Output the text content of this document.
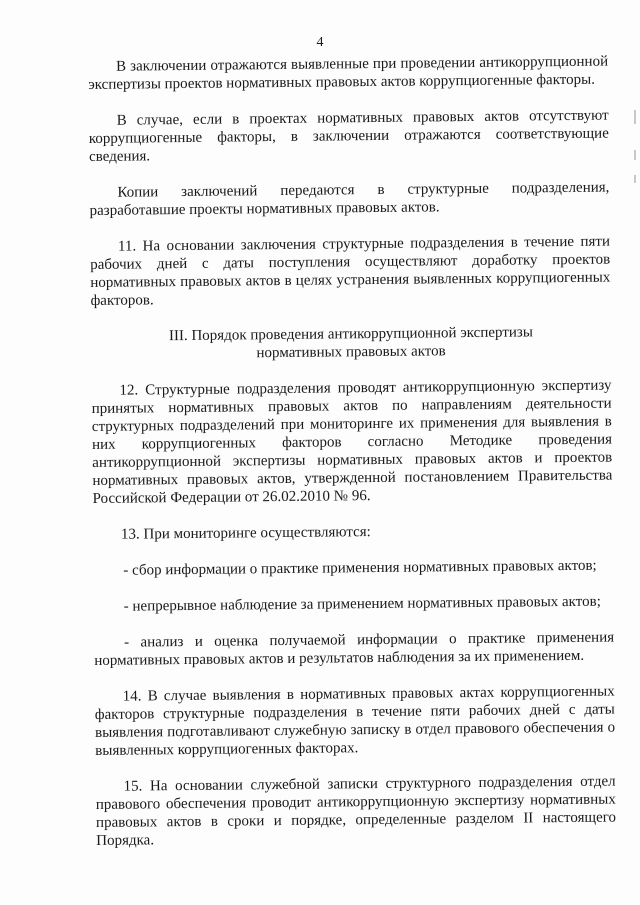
4

В заключении отражаются выявленные при проведении антикоррупционной экспертизы проектов нормативных правовых актов коррупциогенные факторы.

В случае, если в проектах нормативных правовых актов отсутствуют коррупциогенные факторы, в заключении отражаются соответствующие сведения.

Копии заключений передаются в структурные подразделения, разработавшие проекты нормативных правовых актов.

11. На основании заключения структурные подразделения в течение пяти рабочих дней с даты поступления осуществляют доработку проектов нормативных правовых актов в целях устранения выявленных коррупциогенных факторов.

III. Порядок проведения антикоррупционной экспертизы
нормативных правовых актов

12. Структурные подразделения проводят антикоррупционную экспертизу принятых нормативных правовых актов по направлениям деятельности структурных подразделений при мониторинге их применения для выявления в них коррупциогенных факторов согласно Методике проведения антикоррупционной экспертизы нормативных правовых актов и проектов нормативных правовых актов, утвержденной постановлением Правительства Российской Федерации от 26.02.2010 № 96.

13. При мониторинге осуществляются:

- сбор информации о практике применения нормативных правовых актов;

- непрерывное наблюдение за применением нормативных правовых актов;

- анализ и оценка получаемой информации о практике применения нормативных правовых актов и результатов наблюдения за их применением.

14. В случае выявления в нормативных правовых актах коррупциогенных факторов структурные подразделения в течение пяти рабочих дней с даты выявления подготавливают служебную записку в отдел правового обеспечения о выявленных коррупциогенных факторах.

15. На основании служебной записки структурного подразделения отдел правового обеспечения проводит антикоррупционную экспертизу нормативных правовых актов в сроки и порядке, определенные разделом II настоящего Порядка.
